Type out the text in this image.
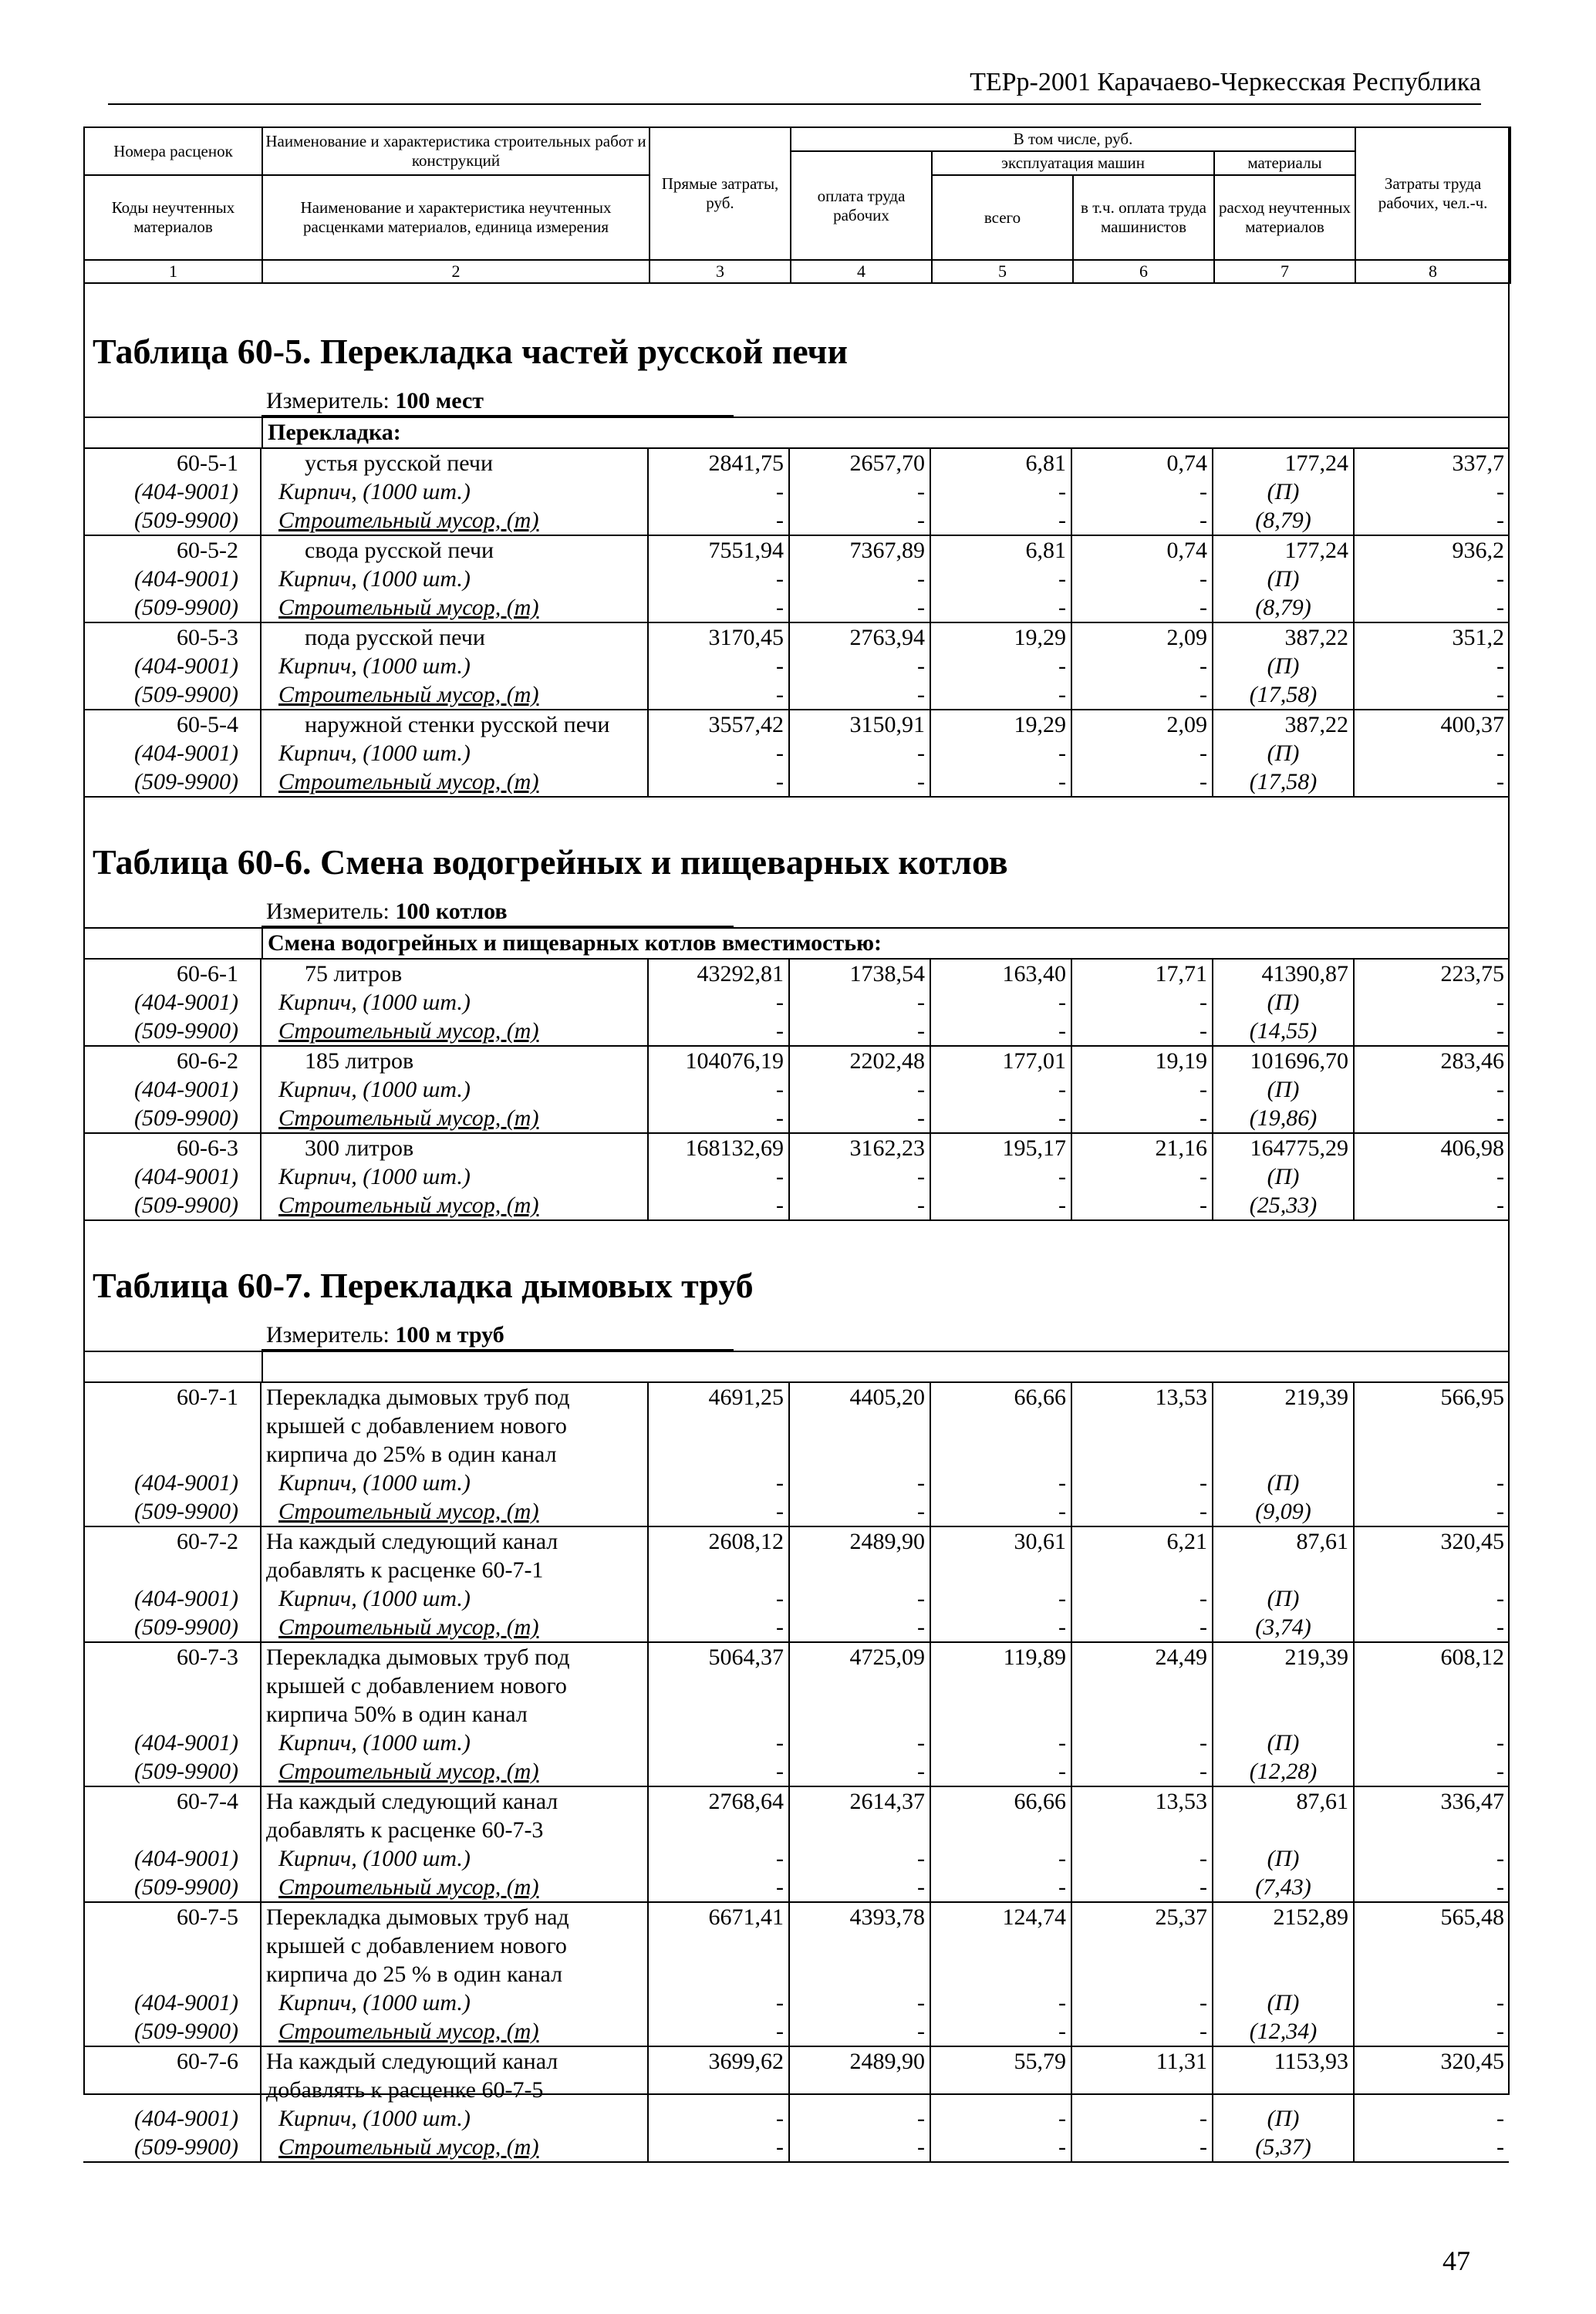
ТЕРр-2001 Карачаево-Черкесская Республика
Номера расценок	Наименование и характеристика строительных работ и конструкций	Прямые затраты, руб.	В том числе, руб.				Затраты труда рабочих, чел.-ч.
			оплата труда рабочих	эксплуатация машин		материалы	
Коды неучтенных материалов	Наименование и характеристика неучтенных расценками материалов, единица измерения			всего	в т.ч. оплата труда машинистов	расход неучтенных материалов	

1	2	3	4	5	6	7	8
Таблица 60-5. Перекладка частей русской печи
Измеритель: 100 мест
Перекладка:
60-5-1	устья русской печи	2841,75	2657,70	6,81	0,74	177,24	337,7
(404-9001)	Кирпич, (1000 шт.)	-	-	-	-	(П)	-
(509-9900)	Строительный мусор, (т)	-	-	-	-	(8,79)	-
60-5-2	свода русской печи	7551,94	7367,89	6,81	0,74	177,24	936,2
(404-9001)	Кирпич, (1000 шт.)	-	-	-	-	(П)	-
(509-9900)	Строительный мусор, (т)	-	-	-	-	(8,79)	-
60-5-3	пода русской печи	3170,45	2763,94	19,29	2,09	387,22	351,2
(404-9001)	Кирпич, (1000 шт.)	-	-	-	-	(П)	-
(509-9900)	Строительный мусор, (т)	-	-	-	-	(17,58)	-
60-5-4	наружной стенки русской печи	3557,42	3150,91	19,29	2,09	387,22	400,37
(404-9001)	Кирпич, (1000 шт.)	-	-	-	-	(П)	-
(509-9900)	Строительный мусор, (т)	-	-	-	-	(17,58)	-
Таблица 60-6. Смена водогрейных и пищеварных котлов
Измеритель: 100 котлов
Смена водогрейных и пищеварных котлов вместимостью:
60-6-1	75 литров	43292,81	1738,54	163,40	17,71	41390,87	223,75
(404-9001)	Кирпич, (1000 шт.)	-	-	-	-	(П)	-
(509-9900)	Строительный мусор, (т)	-	-	-	-	(14,55)	-
60-6-2	185 литров	104076,19	2202,48	177,01	19,19	101696,70	283,46
(404-9001)	Кирпич, (1000 шт.)	-	-	-	-	(П)	-
(509-9900)	Строительный мусор, (т)	-	-	-	-	(19,86)	-
60-6-3	300 литров	168132,69	3162,23	195,17	21,16	164775,29	406,98
(404-9001)	Кирпич, (1000 шт.)	-	-	-	-	(П)	-
(509-9900)	Строительный мусор, (т)	-	-	-	-	(25,33)	-
Таблица 60-7. Перекладка дымовых труб
Измеритель: 100 м труб
60-7-1	Перекладка дымовых труб под	4691,25	4405,20	66,66	13,53	219,39	566,95
крышей с добавлением нового
кирпича до 25% в один канал
(404-9001)	Кирпич, (1000 шт.)	-	-	-	-	(П)	-
(509-9900)	Строительный мусор, (т)	-	-	-	-	(9,09)	-
60-7-2	На каждый следующий канал	2608,12	2489,90	30,61	6,21	87,61	320,45
добавлять к расценке 60-7-1
(404-9001)	Кирпич, (1000 шт.)	-	-	-	-	(П)	-
(509-9900)	Строительный мусор, (т)	-	-	-	-	(3,74)	-
60-7-3	Перекладка дымовых труб под	5064,37	4725,09	119,89	24,49	219,39	608,12
крышей с добавлением нового
кирпича 50% в один канал
(404-9001)	Кирпич, (1000 шт.)	-	-	-	-	(П)	-
(509-9900)	Строительный мусор, (т)	-	-	-	-	(12,28)	-
60-7-4	На каждый следующий канал	2768,64	2614,37	66,66	13,53	87,61	336,47
добавлять к расценке 60-7-3
(404-9001)	Кирпич, (1000 шт.)	-	-	-	-	(П)	-
(509-9900)	Строительный мусор, (т)	-	-	-	-	(7,43)	-
60-7-5	Перекладка дымовых труб над	6671,41	4393,78	124,74	25,37	2152,89	565,48
крышей с добавлением нового
кирпича до 25 % в один канал
(404-9001)	Кирпич, (1000 шт.)	-	-	-	-	(П)	-
(509-9900)	Строительный мусор, (т)	-	-	-	-	(12,34)	-
60-7-6	На каждый следующий канал	3699,62	2489,90	55,79	11,31	1153,93	320,45
добавлять к расценке 60-7-5
(404-9001)	Кирпич, (1000 шт.)	-	-	-	-	(П)	-
(509-9900)	Строительный мусор, (т)	-	-	-	-	(5,37)	-
47
